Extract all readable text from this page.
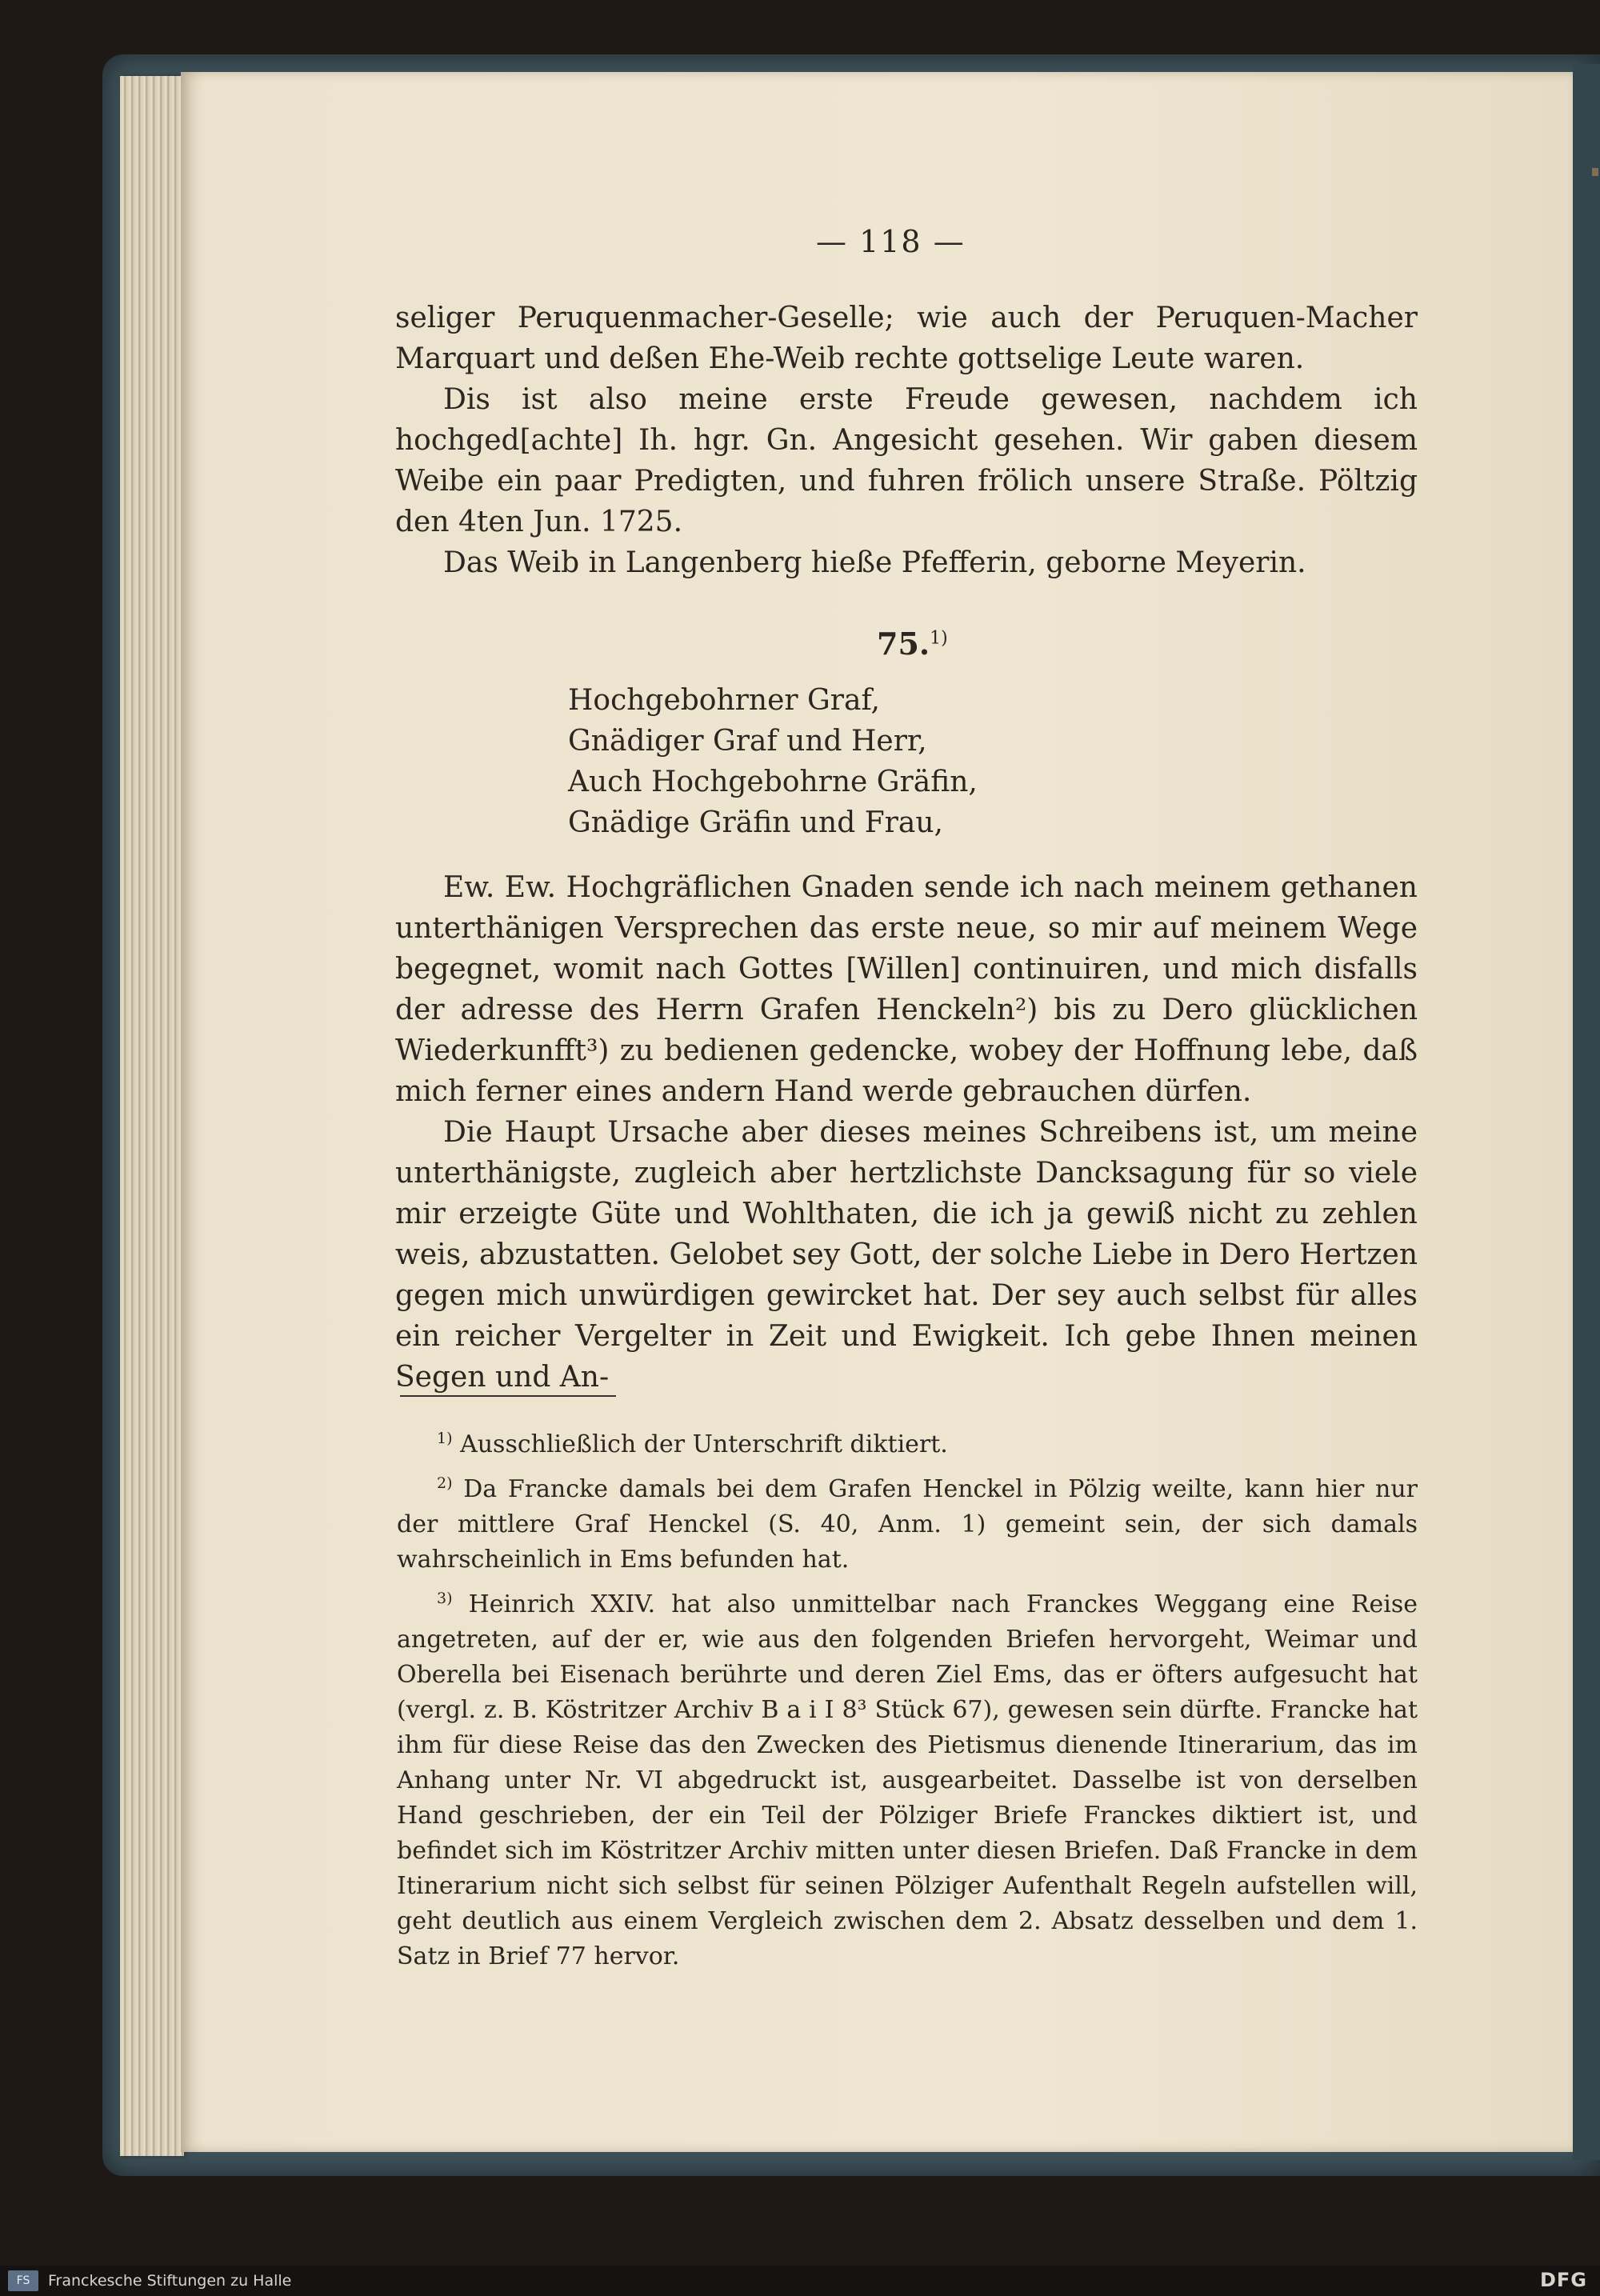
— 118 —

seliger Peruquenmacher-Geselle; wie auch der Peruquen-Macher Marquart und deßen Ehe-Weib rechte gottselige Leute waren.

Dis ist also meine erste Freude gewesen, nachdem ich hochged[achte] Ih. hgr. Gn. Angesicht gesehen. Wir gaben diesem Weibe ein paar Predigten, und fuhren frölich unsere Straße. Pöltzig den 4ten Jun. 1725.

Das Weib in Langenberg hieße Pfefferin, geborne Meyerin.

75.$^{1)}$
Hochgebohrner Graf,
Gnädiger Graf und Herr,
Auch Hochgebohrne Gräfin,
Gnädige Gräfin und Frau,

Ew. Ew. Hochgräflichen Gnaden sende ich nach meinem gethanen unterthänigen Versprechen das erste neue, so mir auf meinem Wege begegnet, womit nach Gottes [Willen] continuiren, und mich disfalls der adresse des Herrn Grafen Henckeln²) bis zu Dero glücklichen Wiederkunfft³) zu bedienen gedencke, wobey der Hoffnung lebe, daß mich ferner eines andern Hand werde gebrauchen dürfen.

Die Haupt Ursache aber dieses meines Schreibens ist, um meine unterthänigste, zugleich aber hertzlichste Dancksagung für so viele mir erzeigte Güte und Wohlthaten, die ich ja gewiß nicht zu zehlen weis, abzustatten. Gelobet sey Gott, der solche Liebe in Dero Hertzen gegen mich unwürdigen gewircket hat. Der sey auch selbst für alles ein reicher Vergelter in Zeit und Ewigkeit. Ich gebe Ihnen meinen Segen und An-

$^{1)}$ Ausschließlich der Unterschrift diktiert.

$^{2)}$ Da Francke damals bei dem Grafen Henckel in Pölzig weilte, kann hier nur der mittlere Graf Henckel (S. 40, Anm. 1) gemeint sein, der sich damals wahrscheinlich in Ems befunden hat.

$^{3)}$ Heinrich XXIV. hat also unmittelbar nach Franckes Weggang eine Reise angetreten, auf der er, wie aus den folgenden Briefen hervorgeht, Weimar und Oberella bei Eisenach berührte und deren Ziel Ems, das er öfters aufgesucht hat (vergl. z. B. Köstritzer Archiv B a i I 8³ Stück 67), gewesen sein dürfte. Francke hat ihm für diese Reise das den Zwecken des Pietismus dienende Itinerarium, das im Anhang unter Nr. VI abgedruckt ist, ausgearbeitet. Dasselbe ist von derselben Hand geschrieben, der ein Teil der Pölziger Briefe Franckes diktiert ist, und befindet sich im Köstritzer Archiv mitten unter diesen Briefen. Daß Francke in dem Itinerarium nicht sich selbst für seinen Pölziger Aufenthalt Regeln aufstellen will, geht deutlich aus einem Vergleich zwischen dem 2. Absatz desselben und dem 1. Satz in Brief 77 hervor.

FS	Franckesche Stiftungen zu Halle	DFG
